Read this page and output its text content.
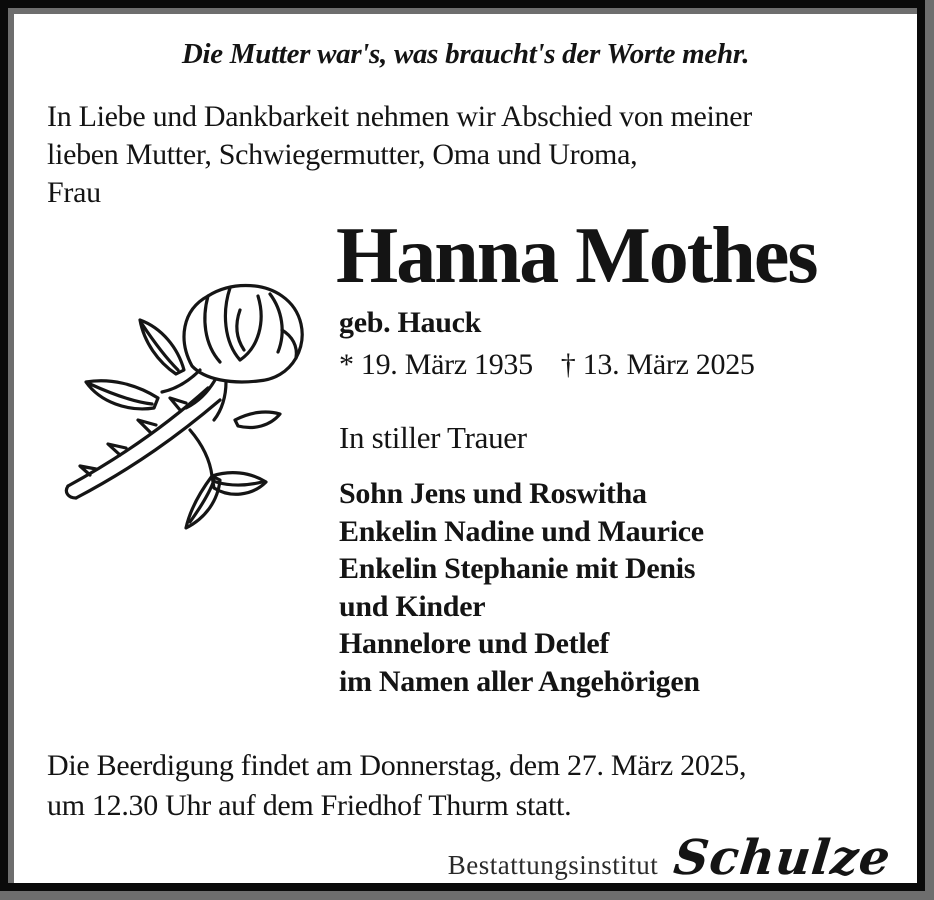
Die Mutter war's, was braucht's der Worte mehr.
In Liebe und Dankbarkeit nehmen wir Abschied von meiner
lieben Mutter, Schwiegermutter, Oma und Uroma,
Frau
Hanna Mothes
geb. Hauck
* 19. März 1935 † 13. März 2025
In stiller Trauer
Sohn Jens und Roswitha
Enkelin Nadine und Maurice
Enkelin Stephanie mit Denis
und Kinder
Hannelore und Detlef
im Namen aller Angehörigen
Die Beerdigung findet am Donnerstag, dem 27. März 2025,
um 12.30 Uhr auf dem Friedhof Thurm statt.
Bestattungsinstitut Schulze
